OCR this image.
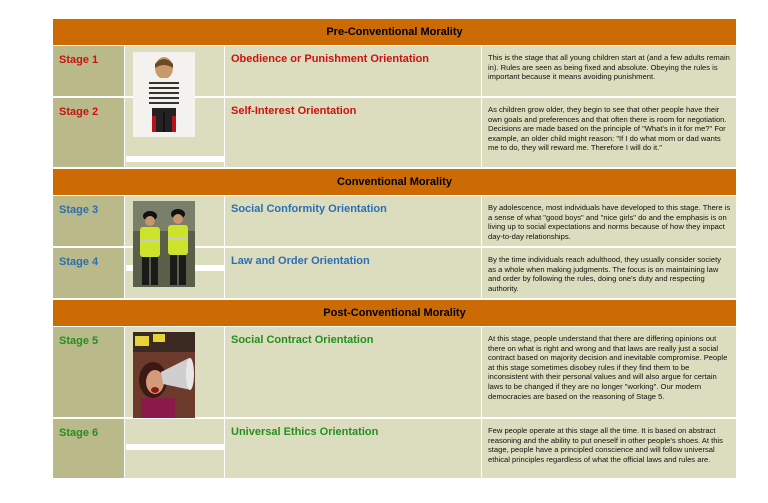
Pre-Conventional Morality
Stage 1	Obedience or Punishment Orientation	This is the stage that all young children start at (and a few adults remain in). Rules are seen as being fixed and absolute. Obeying the rules is important because it means avoiding punishment.
Stage 2	Self-Interest Orientation	As children grow older, they begin to see that other people have their own goals and preferences and that often there is room for negotiation. Decisions are made based on the principle of "What's in it for me?" For example, an older child might reason: "If I do what mom or dad wants me to do, they will reward me. Therefore I will do it."
Conventional Morality
Stage 3	Social Conformity Orientation	By adolescence, most individuals have developed to this stage. There is a sense of what "good boys" and "nice girls" do and the emphasis is on living up to social expectations and norms because of how they impact day-to-day relationships.
Stage 4	Law and Order Orientation	By the time individuals reach adulthood, they usually consider society as a whole when making judgments. The focus is on maintaining law and order by following the rules, doing one's duty and respecting authority.
Post-Conventional Morality
Stage 5	Social Contract Orientation	At this stage, people understand that there are differing opinions out there on what is right and wrong and that laws are really just a social contract based on majority decision and inevitable compromise. People at this stage sometimes disobey rules if they find them to be inconsistent with their personal values and will also argue for certain laws to be changed if they are no longer "working". Our modern democracies are based on the reasoning of Stage 5.
Stage 6	Universal Ethics Orientation	Few people operate at this stage all the time. It is based on abstract reasoning and the ability to put oneself in other people's shoes. At this stage, people have a principled conscience and will follow universal ethical principles regardless of what the official laws and rules are.
